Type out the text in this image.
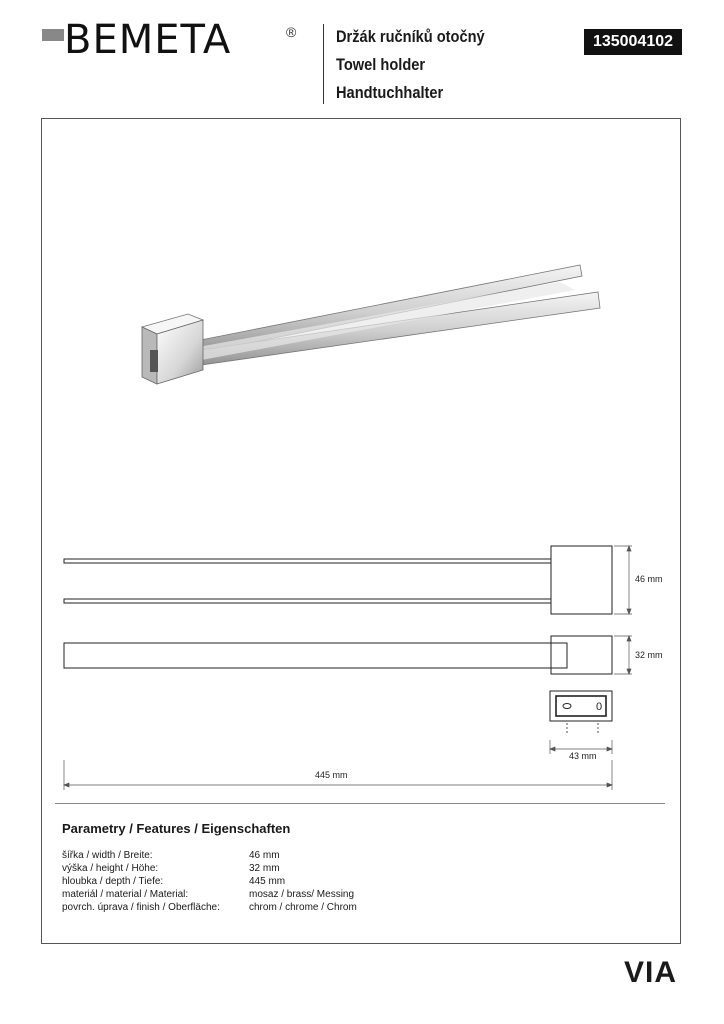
BEMETA	® Držák ručníků otočný
Towel holder
Handtuchhalter
135004102
46 mm
32 mm
0
43 mm
445 mm
Parametry / Features / Eigenschaften
šířka / width / Breite:	46 mm
výška / height / Höhe:	32 mm
hloubka / depth / Tiefe:	445 mm
materiál / material / Material:	mosaz / brass/ Messing
povrch. úprava / finish / Oberfläche:	chrom / chrome / Chrom
VIA
